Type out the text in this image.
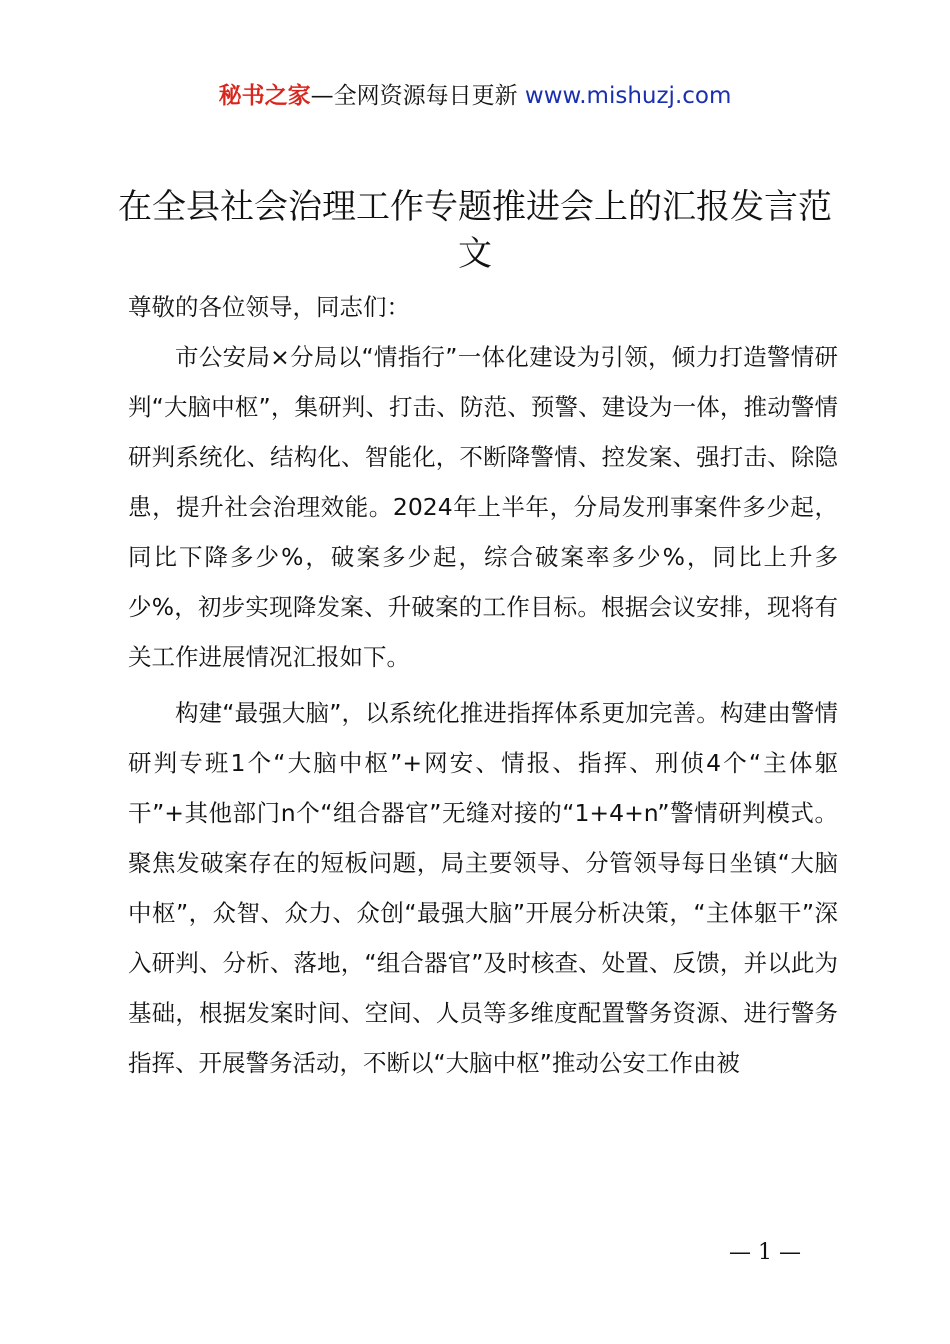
秘书之家—全网资源每日更新 www.mishuzj.com
在全县社会治理工作专题推进会上的汇报发言范文

尊敬的各位领导，同志们：

市公安局×分局以“情指行”一体化建设为引领，倾力打造警情研判“大脑中枢”，集研判、打击、防范、预警、建设为一体，推动警情研判系统化、结构化、智能化，不断降警情、控发案、强打击、除隐患，提升社会治理效能。2024年上半年，分局发刑事案件多少起，同比下降多少%，破案多少起，综合破案率多少%，同比上升多少%，初步实现降发案、升破案的工作目标。根据会议安排，现将有关工作进展情况汇报如下。

构建“最强大脑”，以系统化推进指挥体系更加完善。构建由警情研判专班1个“大脑中枢”+网安、情报、指挥、刑侦4个“主体躯干”+其他部门n个“组合器官”无缝对接的“1+4+n”警情研判模式。聚焦发破案存在的短板问题，局主要领导、分管领导每日坐镇“大脑中枢”，众智、众力、众创“最强大脑”开展分析决策，“主体躯干”深入研判、分析、落地，“组合器官”及时核查、处置、反馈，并以此为基础，根据发案时间、空间、人员等多维度配置警务资源、进行警务指挥、开展警务活动，不断以“大脑中枢”推动公安工作由被

— 1 —
